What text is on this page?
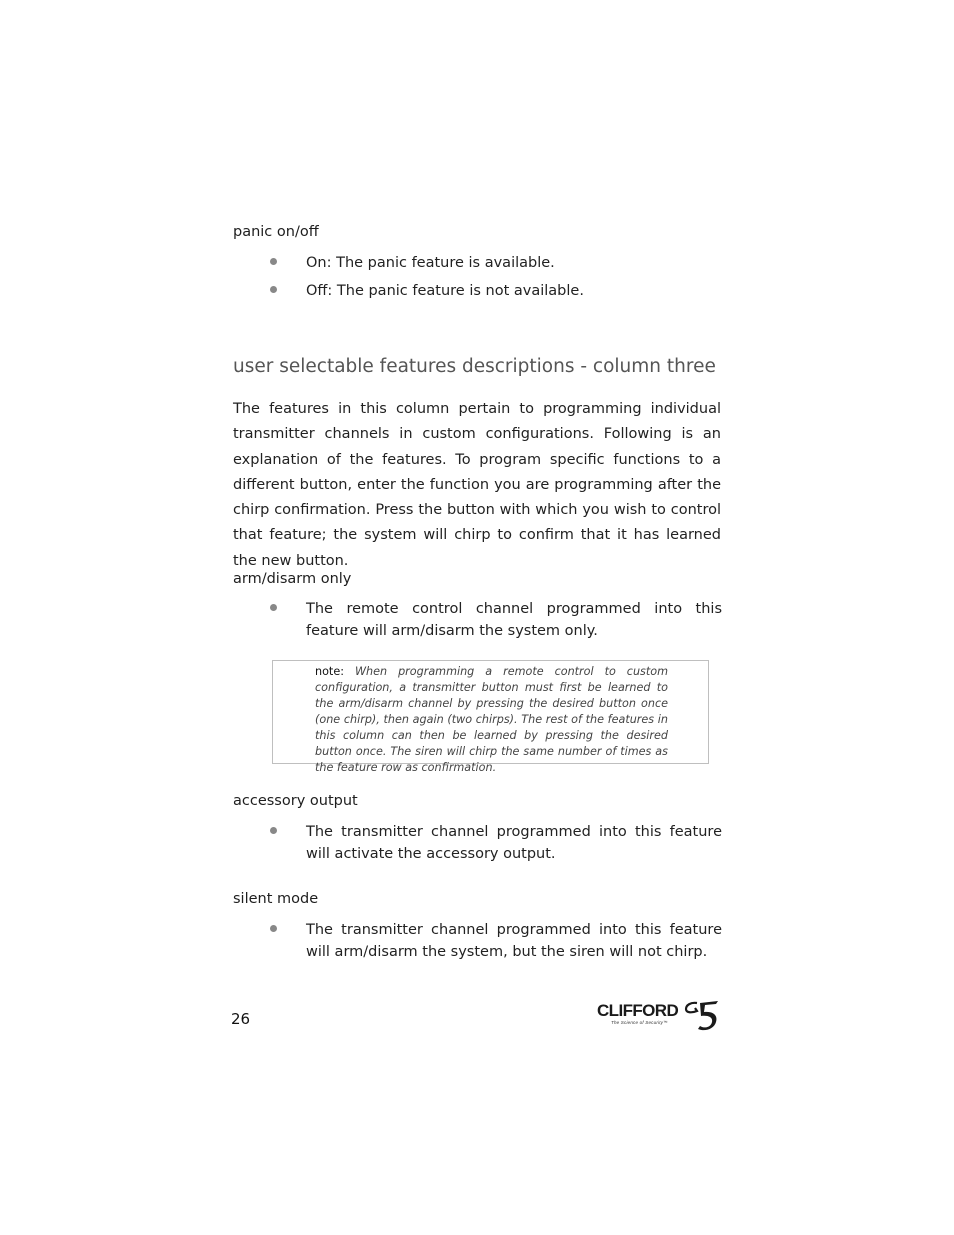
panic on/off
On: The panic feature is available.
Off: The panic feature is not available.
user selectable features descriptions - column three
The features in this column pertain to programming individual transmitter channels in custom configurations. Following is an explanation of the features. To program specific functions to a different button, enter the function you are programming after the chirp confirmation. Press the button with which you wish to control that feature; the system will chirp to confirm that it has learned the new button.
arm/disarm only
The remote control channel programmed into this feature will arm/disarm the system only.
note: When programming a remote control to custom configuration, a transmitter button must first be learned to the arm/disarm channel by pressing the desired button once (one chirp), then again (two chirps). The rest of the features in this column can then be learned by pressing the desired button once. The siren will chirp the same number of times as the feature row as confirmation.
accessory output
The transmitter channel programmed into this feature will activate the accessory output.
silent mode
The transmitter channel programmed into this feature will arm/disarm the system, but the siren will not chirp.
26	CLIFFORD
The Science of Security™
